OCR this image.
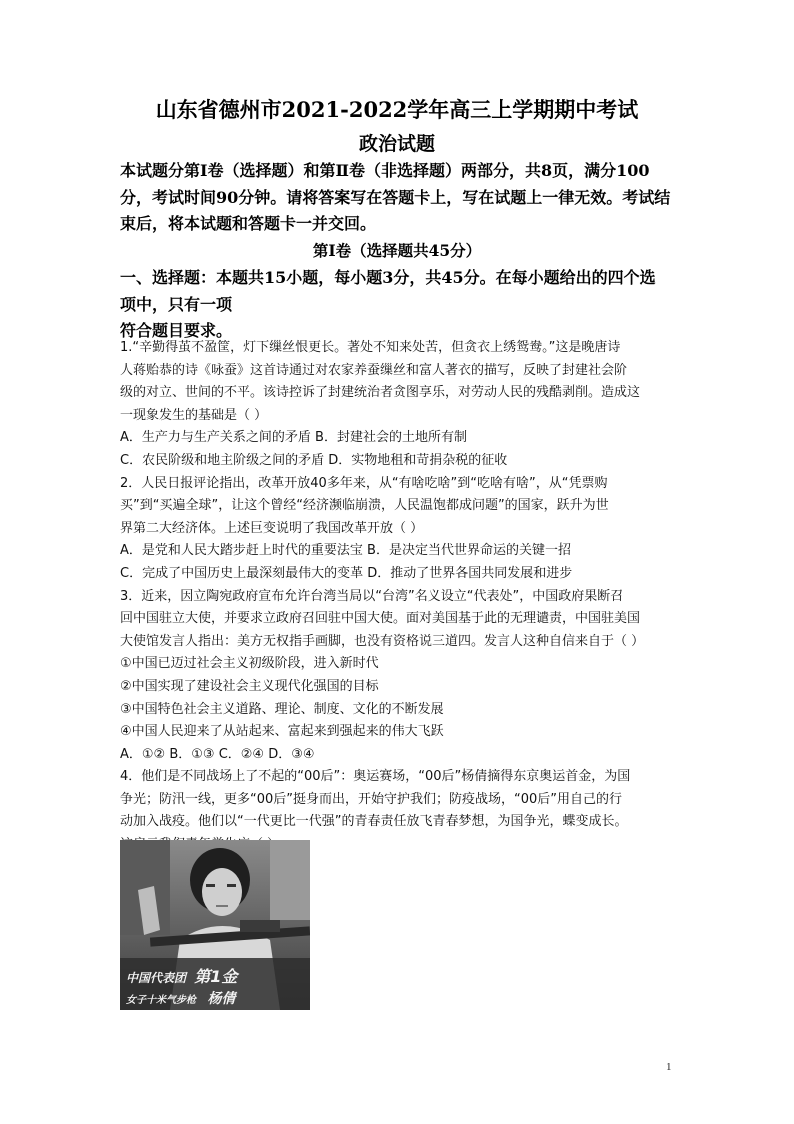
山东省德州市2021-2022学年高三上学期期中考试
政治试题
本试题分第Ⅰ卷（选择题）和第Ⅱ卷（非选择题）两部分，共8页，满分100
分，考试时间90分钟。请将答案写在答题卡上，写在试题上一律无效。考试结
束后，将本试题和答题卡一并交回。
第Ⅰ卷（选择题共45分）
一、选择题：本题共15小题，每小题3分，共45分。在每小题给出的四个选
项中，只有一项
符合题目要求。
1.“辛勤得茧不盈筐，灯下缫丝恨更长。著处不知来处苦，但贪衣上绣鸳鸯。”这是晚唐诗
人蒋贻恭的诗《咏蚕》这首诗通过对农家养蚕缫丝和富人著衣的描写，反映了封建社会阶
级的对立、世间的不平。该诗控诉了封建统治者贪图享乐，对劳动人民的残酷剥削。造成这
一现象发生的基础是（ ）
A．生产力与生产关系之间的矛盾 B．封建社会的土地所有制
C．农民阶级和地主阶级之间的矛盾 D．实物地租和苛捐杂税的征收
2．人民日报评论指出，改革开放40多年来，从“有啥吃啥”到“吃啥有啥”，从“凭票购
买”到“买遍全球”，让这个曾经“经济濒临崩溃，人民温饱都成问题”的国家，跃升为世
界第二大经济体。上述巨变说明了我国改革开放（ ）
A．是党和人民大踏步赶上时代的重要法宝 B．是决定当代世界命运的关键一招
C．完成了中国历史上最深刻最伟大的变革 D．推动了世界各国共同发展和进步
3．近来，因立陶宛政府宣布允许台湾当局以“台湾”名义设立“代表处”，中国政府果断召
回中国驻立大使，并要求立政府召回驻中国大使。面对美国基于此的无理谴责，中国驻美国
大使馆发言人指出：美方无权指手画脚，也没有资格说三道四。发言人这种自信来自于（ ）
①中国已迈过社会主义初级阶段，进入新时代
②中国实现了建设社会主义现代化强国的目标
③中国特色社会主义道路、理论、制度、文化的不断发展
④中国人民迎来了从站起来、富起来到强起来的伟大飞跃
A．①② B．①③ C．②④ D．③④
4．他们是不同战场上了不起的“00后”：奥运赛场，“00后”杨倩摘得东京奥运首金，为国
争光；防汛一线，更多“00后”挺身而出，开始守护我们；防疫战场，“00后”用自己的行
动加入战疫。他们以“一代更比一代强”的青春责任放飞青春梦想，为国争光，蝶变成长。
中国代表团 第1金
女子十米气步枪 杨倩
1
